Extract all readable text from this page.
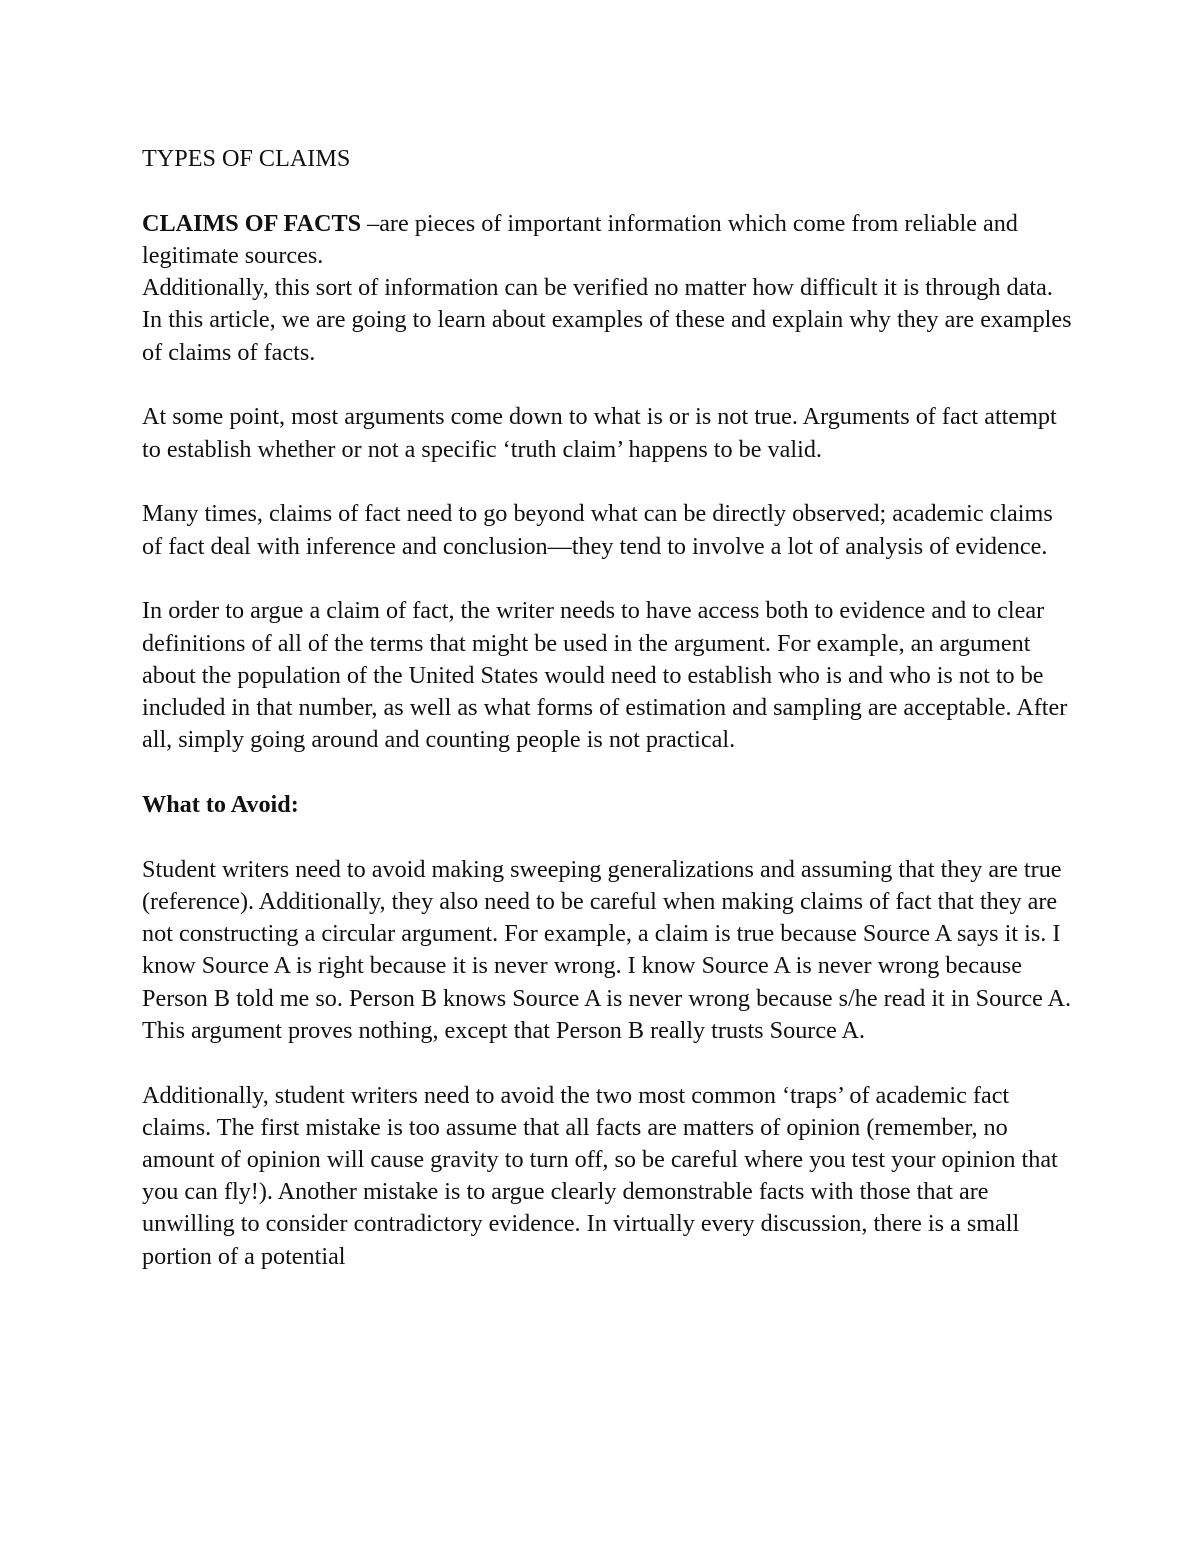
TYPES OF CLAIMS

CLAIMS OF FACTS –are pieces of important information which come from reliable and legitimate sources.

Additionally, this sort of information can be verified no matter how difficult it is through data. In this article, we are going to learn about examples of these and explain why they are examples of claims of facts.

At some point, most arguments come down to what is or is not true. Arguments of fact attempt to establish whether or not a specific ‘truth claim’ happens to be valid.

Many times, claims of fact need to go beyond what can be directly observed; academic claims of fact deal with inference and conclusion—they tend to involve a lot of analysis of evidence.

In order to argue a claim of fact, the writer needs to have access both to evidence and to clear definitions of all of the terms that might be used in the argument. For example, an argument about the population of the United States would need to establish who is and who is not to be included in that number, as well as what forms of estimation and sampling are acceptable. After all, simply going around and counting people is not practical.

What to Avoid:

Student writers need to avoid making sweeping generalizations and assuming that they are true (reference). Additionally, they also need to be careful when making claims of fact that they are not constructing a circular argument. For example, a claim is true because Source A says it is. I know Source A is right because it is never wrong. I know Source A is never wrong because Person B told me so. Person B knows Source A is never wrong because s/he read it in Source A. This argument proves nothing, except that Person B really trusts Source A.

Additionally, student writers need to avoid the two most common ‘traps’ of academic fact claims. The first mistake is too assume that all facts are matters of opinion (remember, no amount of opinion will cause gravity to turn off, so be careful where you test your opinion that you can fly!). Another mistake is to argue clearly demonstrable facts with those that are unwilling to consider contradictory evidence. In virtually every discussion, there is a small portion of a potential
